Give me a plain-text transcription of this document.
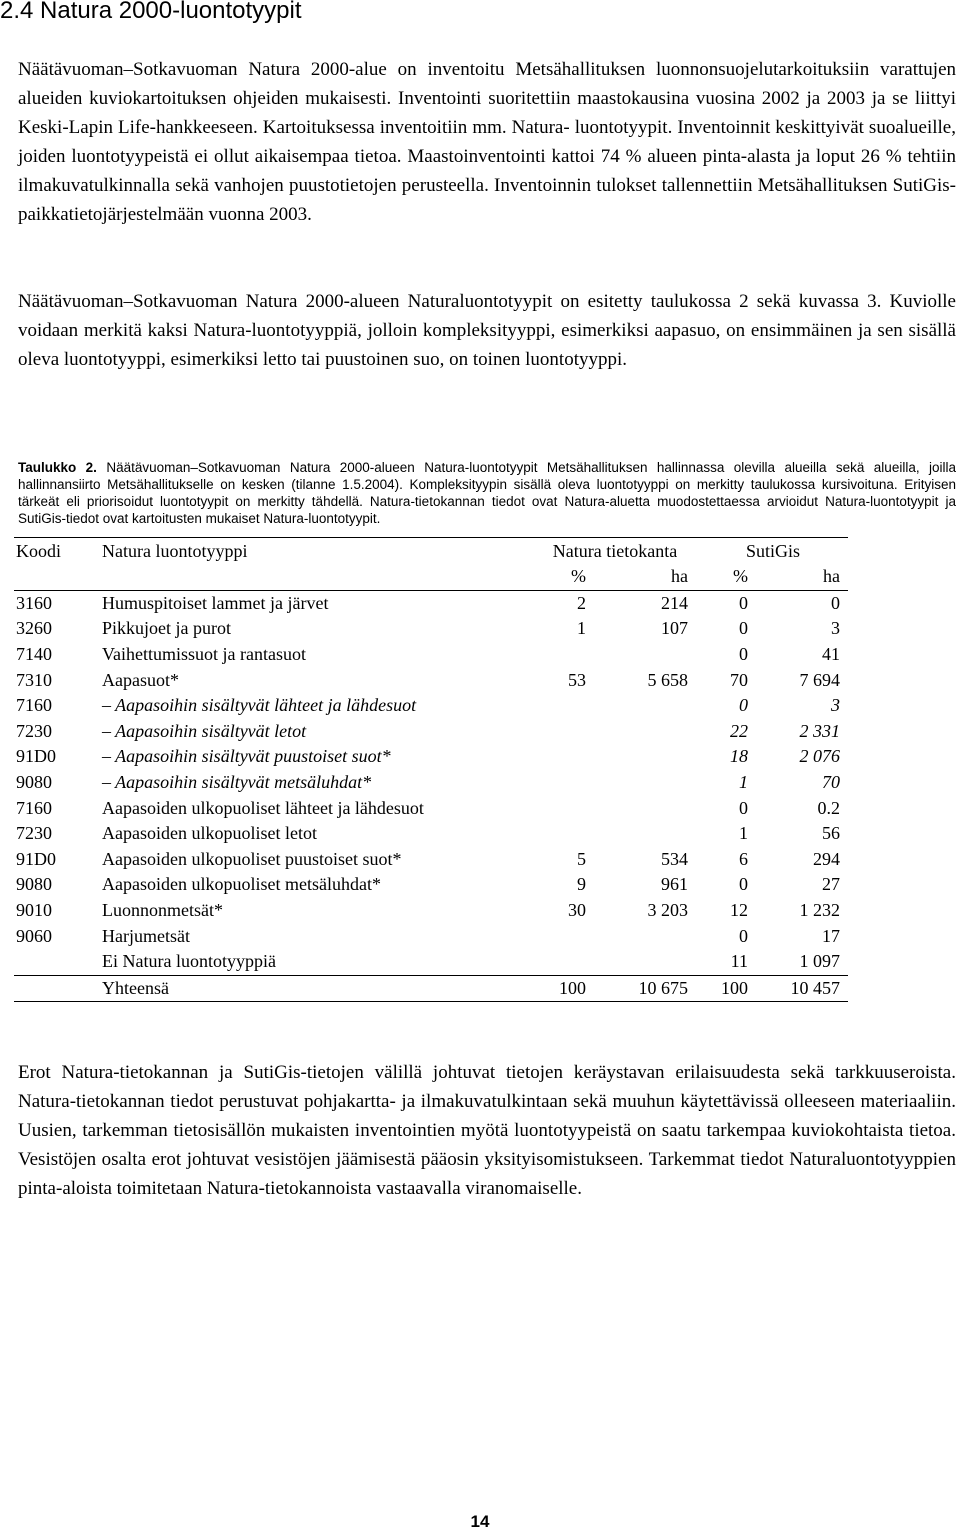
2.4 Natura 2000-luontotyypit

Näätävuoman–Sotkavuoman Natura 2000-alue on inventoitu Metsähallituksen luonnonsuojelutarkoituksiin varattujen alueiden kuviokartoituksen ohjeiden mukaisesti. Inventointi suoritettiin maastokausina vuosina 2002 ja 2003 ja se liittyi Keski-Lapin Life-hankkeeseen. Kartoituksessa inventoitiin mm. Natura- luontotyypit. Inventoinnit keskittyivät suoalueille, joiden luontotyypeistä ei ollut aikaisempaa tietoa. Maastoinventointi kattoi 74 % alueen pinta-alasta ja loput 26 % tehtiin ilmakuvatulkinnalla sekä vanhojen puustotietojen perusteella. Inventoinnin tulokset tallennettiin Metsähallituksen SutiGis- paikkatietojärjestelmään vuonna 2003.

Näätävuoman–Sotkavuoman Natura 2000-alueen Naturaluontotyypit on esitetty taulukossa 2 sekä kuvassa 3. Kuviolle voidaan merkitä kaksi Natura-luontotyyppiä, jolloin kompleksityyppi, esimerkiksi aapasuo, on ensimmäinen ja sen sisällä oleva luontotyyppi, esimerkiksi letto tai puustoinen suo, on toinen luontotyyppi.

Taulukko 2. Näätävuoman–Sotkavuoman Natura 2000-alueen Natura-luontotyypit Metsähallituksen hallinnassa olevilla alueilla sekä alueilla, joilla hallinnansiirto Metsähallitukselle on kesken (tilanne 1.5.2004). Kompleksityypin sisällä oleva luontotyyppi on merkitty taulukossa kursivoituna. Erityisen tärkeät eli priorisoidut luontotyypit on merkitty tähdellä. Natura-tietokannan tiedot ovat Natura-aluetta muodostettaessa arvioidut Natura-luontotyypit ja SutiGis-tiedot ovat kartoitusten mukaiset Natura-luontotyypit.

Koodi	Natura luontotyyppi	Natura tietokanta		SutiGis	
		%	ha	%	ha
3160	Humuspitoiset lammet ja järvet	2	214	0	0
3260	Pikkujoet ja purot	1	107	0	3
7140	Vaihettumissuot ja rantasuot			0	41
7310	Aapasuot*	53	5 658	70	7 694
7160	– Aapasoihin sisältyvät lähteet ja lähdesuot			0	3
7230	– Aapasoihin sisältyvät letot			22	2 331
91D0	– Aapasoihin sisältyvät puustoiset suot*			18	2 076
9080	– Aapasoihin sisältyvät metsäluhdat*			1	70
7160	Aapasoiden ulkopuoliset lähteet ja lähdesuot			0	0.2
7230	Aapasoiden ulkopuoliset letot			1	56
91D0	Aapasoiden ulkopuoliset puustoiset suot*	5	534	6	294
9080	Aapasoiden ulkopuoliset metsäluhdat*	9	961	0	27
9010	Luonnonmetsät*	30	3 203	12	1 232
9060	Harjumetsät			0	17
	Ei Natura luontotyyppiä			11	1 097
	Yhteensä	100	10 675	100	10 457

Erot Natura-tietokannan ja SutiGis-tietojen välillä johtuvat tietojen keräystavan erilaisuudesta sekä tarkkuuseroista. Natura-tietokannan tiedot perustuvat pohjakartta- ja ilmakuvatulkintaan sekä muuhun käytettävissä olleeseen materiaaliin. Uusien, tarkemman tietosisällön mukaisten inventointien myötä luontotyypeistä on saatu tarkempaa kuviokohtaista tietoa. Vesistöjen osalta erot johtuvat vesistöjen jäämisestä pääosin yksityisomistukseen. Tarkemmat tiedot Naturaluontotyyppien pinta-aloista toimitetaan Natura-tietokannoista vastaavalla viranomaiselle.

14
